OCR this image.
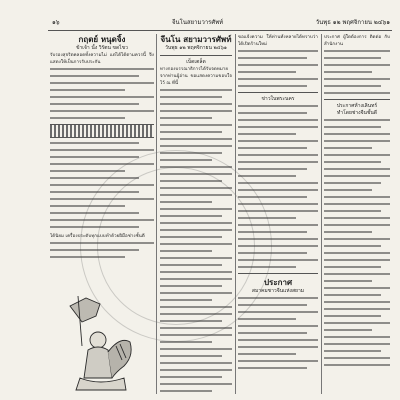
๑๖	จีนโนสยามวารศัพท์	วันพุธ ๑๒ พฤศจิกายน ๒๔๖๑
กฤตย์ หนุดจิ้ง
ข้าเจ้า นั้ง วิรัตน ขดไขว
รับรองสุจริตคลอดทั้งความไม่ แต่ได้ได้ตามควรนี้ จึงแสดงให้เป็นการรับประกัน
ได้นิยม เครื่องประดับทุกแบบทำด้วยฝีมือช่างชั้นดี
จีนโน สยามวารศัพท์
วันพุธ ๑๒ พฤศจิกายน ๒๔๖๑
เบ็ดเตล็ด
ทางกองบรรณาธิการได้รับจดหมายจากท่านผู้อ่าน ขอแสดงความขอบใจไว้ ณ ที่นี้
ขอแจ้งความ ให้ท่านทั้งหลายได้ทราบว่า ได้เปิดร้านใหม่
ข่าวในพระนคร
ประกาศ
สมาคมชาวจีนแห่งสยาม
ประกาศ ผู้ใดต้องการ ติดต่อ กับ สำนักงาน
ประกาศห้างเลินทร์
ทำโดยช่างจีนชั้นดี
